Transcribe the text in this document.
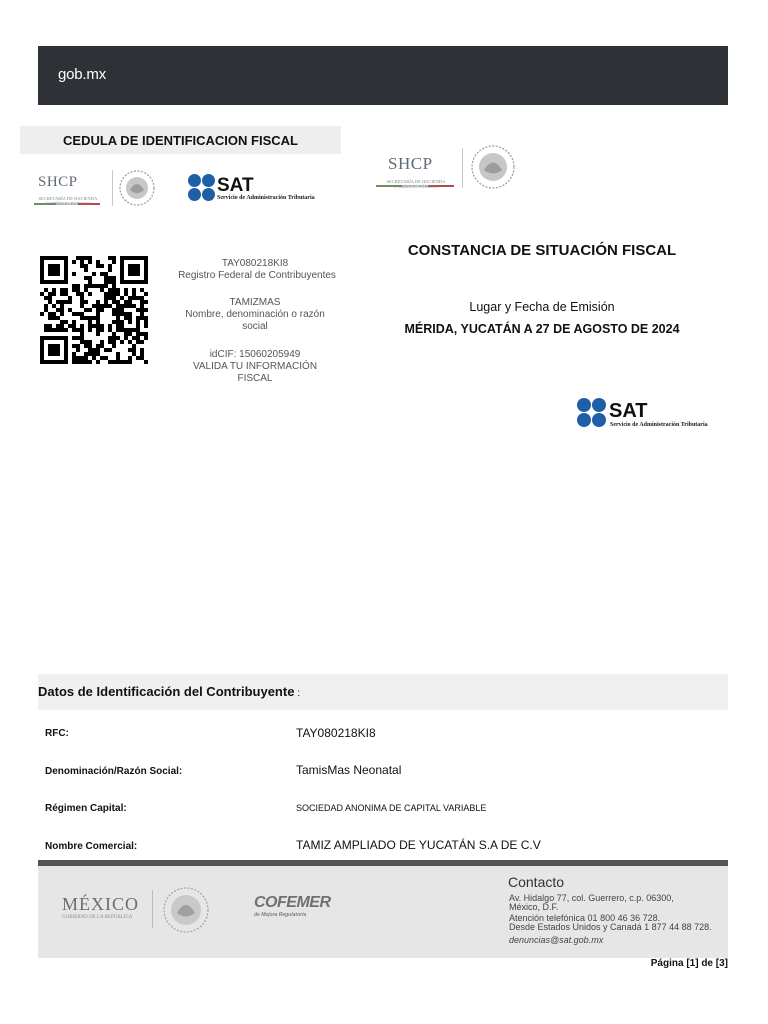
gob.mx
CEDULA DE IDENTIFICACION FISCAL
SHCP
SECRETARÍA DE HACIENDA
Y CRÉDITO PÚBLICO
SAT
Servicio de Administración Tributaria
SHCP
SECRETARÍA DE HACIENDA
Y CRÉDITO PÚBLICO
TAY080218KI8
Registro Federal de Contribuyentes
TAMIZMAS
Nombre, denominación o razón
social
idCIF: 15060205949
VALIDA TU INFORMACIÓN
FISCAL
CONSTANCIA DE SITUACIÓN FISCAL
Lugar y Fecha de Emisión
MÉRIDA, YUCATÁN A 27 DE AGOSTO DE 2024
SAT
Servicio de Administración Tributaria
Datos de Identificación del Contribuyente :
RFC:	TAY080218KI8
Denominación/Razón Social:	TamisMas Neonatal
Régimen Capital:	SOCIEDAD ANONIMA DE CAPITAL VARIABLE
Nombre Comercial:	TAMIZ AMPLIADO DE YUCATÁN S.A DE C.V
MÉXICO
GOBIERNO DE LA REPÚBLICA
COFEMER
de Mejora Regulatoria
Contacto
Av. Hidalgo 77, col. Guerrero, c.p. 06300,
México, D.F.
Atención telefónica 01 800 46 36 728.
Desde Estados Unidos y Canadá 1 877 44 88 728.
denuncias@sat.gob.mx
Página [1] de [3]
